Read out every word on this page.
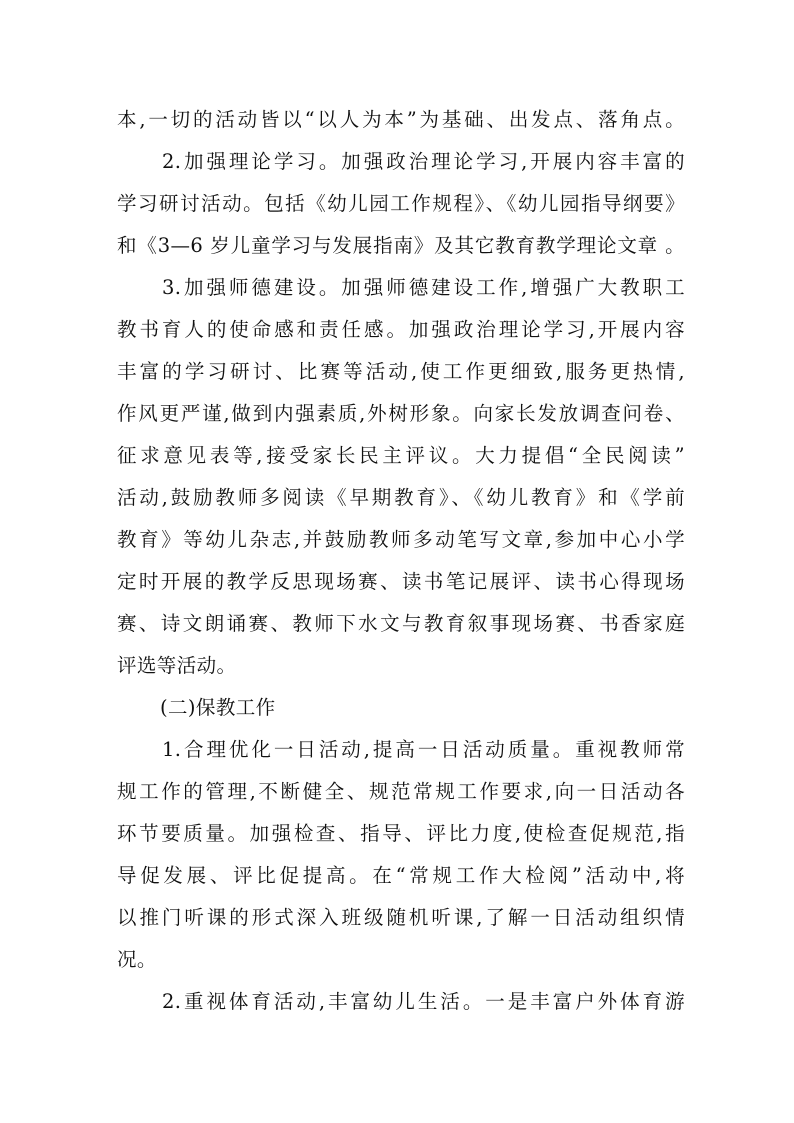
本,一切的活动皆以“以人为本”为基础、出发点、落角点。
2.加强理论学习。加强政治理论学习,开展内容丰富的
学习研讨活动。包括《幼儿园工作规程》、《幼儿园指导纲要》
和《3—6 岁儿童学习与发展指南》及其它教育教学理论文章 。
3.加强师德建设。加强师德建设工作,增强广大教职工
教书育人的使命感和责任感。加强政治理论学习,开展内容
丰富的学习研讨、比赛等活动,使工作更细致,服务更热情,
作风更严谨,做到内强素质,外树形象。向家长发放调查问卷、
征求意见表等,接受家长民主评议。大力提倡“全民阅读”
活动,鼓励教师多阅读《早期教育》、《幼儿教育》和《学前
教育》等幼儿杂志,并鼓励教师多动笔写文章,参加中心小学
定时开展的教学反思现场赛、读书笔记展评、读书心得现场
赛、诗文朗诵赛、教师下水文与教育叙事现场赛、书香家庭
评选等活动。
(二)保教工作
1.合理优化一日活动,提高一日活动质量。重视教师常
规工作的管理,不断健全、规范常规工作要求,向一日活动各
环节要质量。加强检查、指导、评比力度,使检查促规范,指
导促发展、评比促提高。在“常规工作大检阅”活动中,将
以推门听课的形式深入班级随机听课,了解一日活动组织情
况。
2.重视体育活动,丰富幼儿生活。一是丰富户外体育游
